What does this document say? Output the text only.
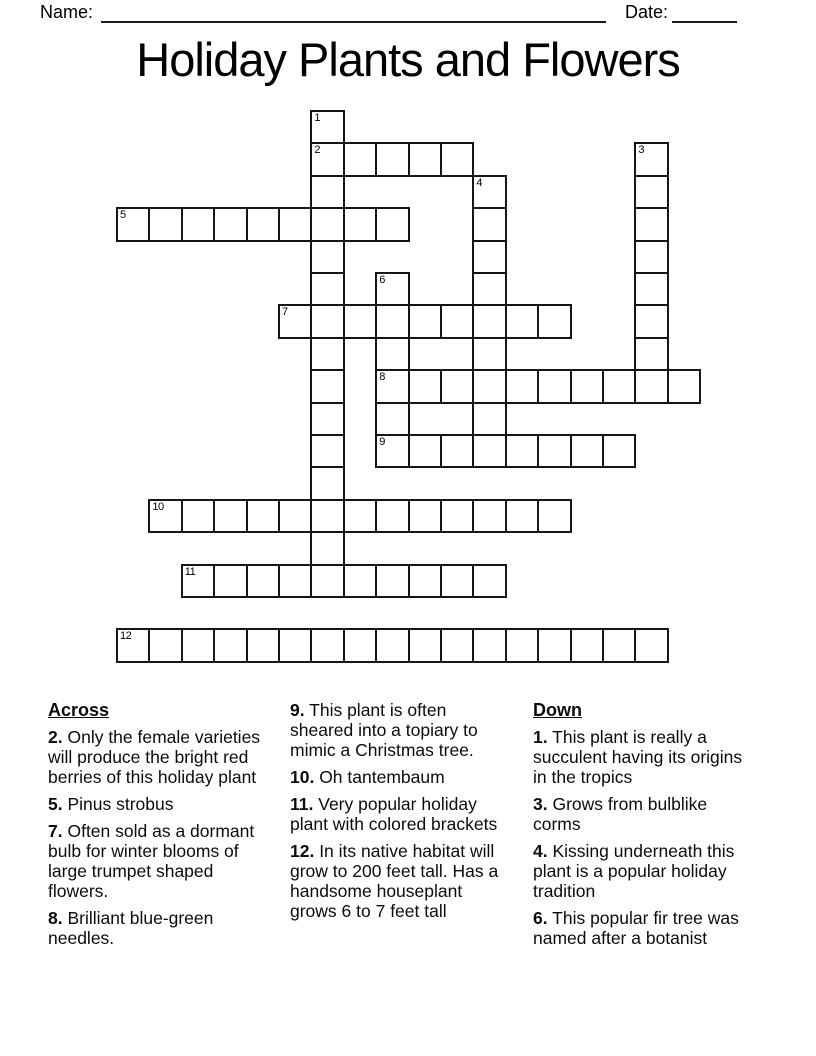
Name:	Date:
Holiday Plants and Flowers
1
2	3
4
5
6
7
8
9
10
11
12
Across

2. Only the female varieties will produce the bright red berries of this holiday plant

5. Pinus strobus

7. Often sold as a dormant bulb for winter blooms of large trumpet shaped flowers.

8. Brilliant blue-green needles.

9. This plant is often sheared into a topiary to mimic a Christmas tree.

10. Oh tantembaum

11. Very popular holiday plant with colored brackets

12. In its native habitat will grow to 200 feet tall. Has a handsome houseplant grows 6 to 7 feet tall

Down

1. This plant is really a succulent having its origins in the tropics

3. Grows from bulblike corms

4. Kissing underneath this plant is a popular holiday tradition

6. This popular fir tree was named after a botanist
